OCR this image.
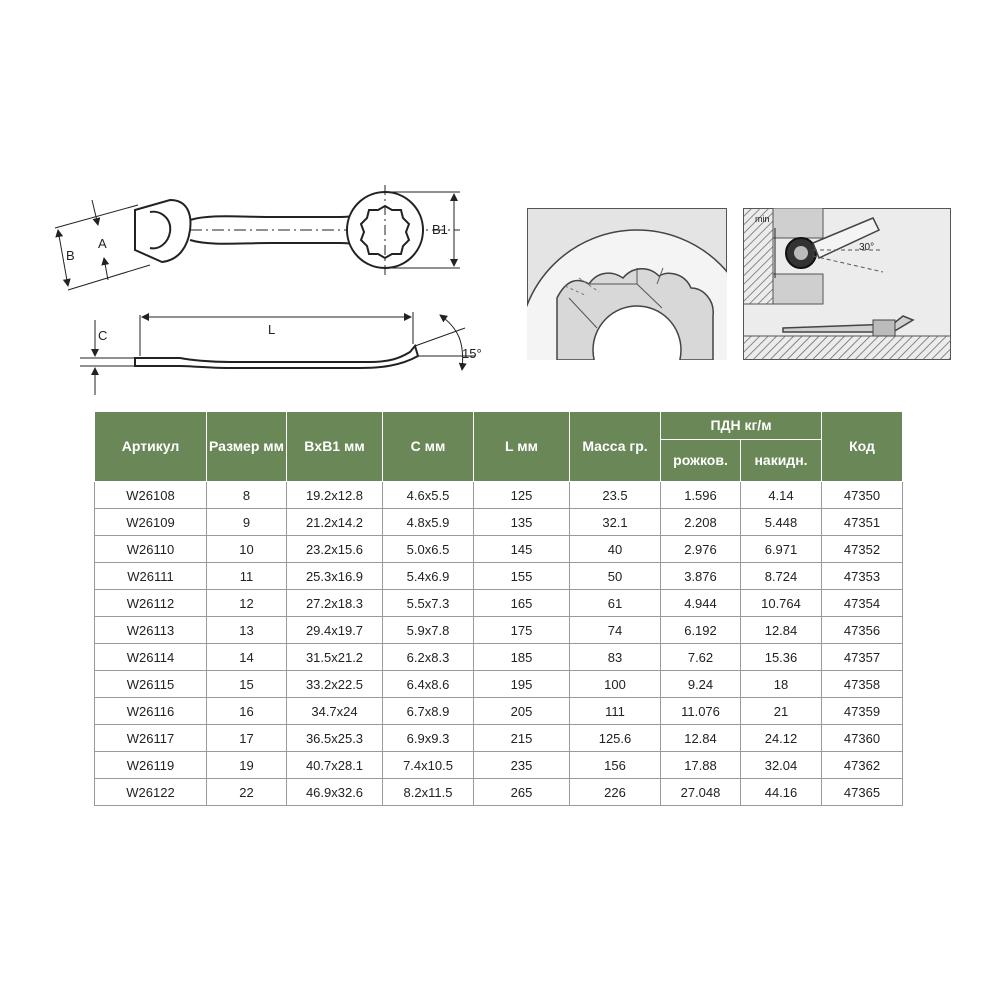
B1
B
A
L
C
15°
min
30°
Артикул	Размер мм	BxB1 мм	С мм	L мм	Масса гр.	ПДН кг/м		Код
						рожков.	накидн.	
W26108	8	19.2x12.8	4.6x5.5	125	23.5	1.596	4.14	47350
W26109	9	21.2x14.2	4.8x5.9	135	32.1	2.208	5.448	47351
W26110	10	23.2x15.6	5.0x6.5	145	40	2.976	6.971	47352
W26111	11	25.3x16.9	5.4x6.9	155	50	3.876	8.724	47353
W26112	12	27.2x18.3	5.5x7.3	165	61	4.944	10.764	47354
W26113	13	29.4x19.7	5.9x7.8	175	74	6.192	12.84	47356
W26114	14	31.5x21.2	6.2x8.3	185	83	7.62	15.36	47357
W26115	15	33.2x22.5	6.4x8.6	195	100	9.24	18	47358
W26116	16	34.7x24	6.7x8.9	205	111	11.076	21	47359
W26117	17	36.5x25.3	6.9x9.3	215	125.6	12.84	24.12	47360
W26119	19	40.7x28.1	7.4x10.5	235	156	17.88	32.04	47362
W26122	22	46.9x32.6	8.2x11.5	265	226	27.048	44.16	47365
